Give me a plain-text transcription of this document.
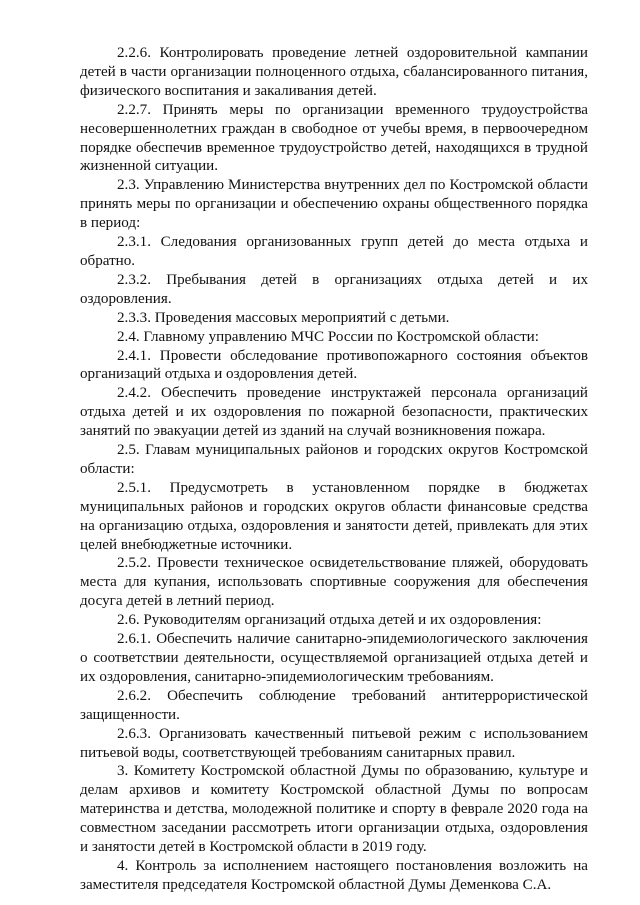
2.2.6. Контролировать проведение летней оздоровительной кампании детей в части организации полноценного отдыха, сбалансированного питания, физического воспитания и закаливания детей.

2.2.7. Принять меры по организации временного трудоустройства несовершеннолетних граждан в свободное от учебы время, в первоочередном порядке обеспечив временное трудоустройство детей, находящихся в трудной жизненной ситуации.

2.3. Управлению Министерства внутренних дел по Костромской области принять меры по организации и обеспечению охраны общественного порядка в период:

2.3.1. Следования организованных групп детей до места отдыха и обратно.

2.3.2. Пребывания детей в организациях отдыха детей и их оздоровления.

2.3.3. Проведения массовых мероприятий с детьми.

2.4. Главному управлению МЧС России по Костромской области:

2.4.1. Провести обследование противопожарного состояния объектов организаций отдыха и оздоровления детей.

2.4.2. Обеспечить проведение инструктажей персонала организаций отдыха детей и их оздоровления по пожарной безопасности, практических занятий по эвакуации детей из зданий на случай возникновения пожара.

2.5. Главам муниципальных районов и городских округов Костромской области:

2.5.1. Предусмотреть в установленном порядке в бюджетах муниципальных районов и городских округов области финансовые средства на организацию отдыха, оздоровления и занятости детей, привлекать для этих целей внебюджетные источники.

2.5.2. Провести техническое освидетельствование пляжей, оборудовать места для купания, использовать спортивные сооружения для обеспечения досуга детей в летний период.

2.6. Руководителям организаций отдыха детей и их оздоровления:

2.6.1. Обеспечить наличие санитарно-эпидемиологического заключения о соответствии деятельности, осуществляемой организацией отдыха детей и их оздоровления, санитарно-эпидемиологическим требованиям.

2.6.2. Обеспечить соблюдение требований антитеррористической защищенности.

2.6.3. Организовать качественный питьевой режим с использованием питьевой воды, соответствующей требованиям санитарных правил.

3. Комитету Костромской областной Думы по образованию, культуре и делам архивов и комитету Костромской областной Думы по вопросам материнства и детства, молодежной политике и спорту в феврале 2020 года на совместном заседании рассмотреть итоги организации отдыха, оздоровления и занятости детей в Костромской области в 2019 году.

4. Контроль за исполнением настоящего постановления возложить на заместителя председателя Костромской областной Думы Деменкова С.А.
